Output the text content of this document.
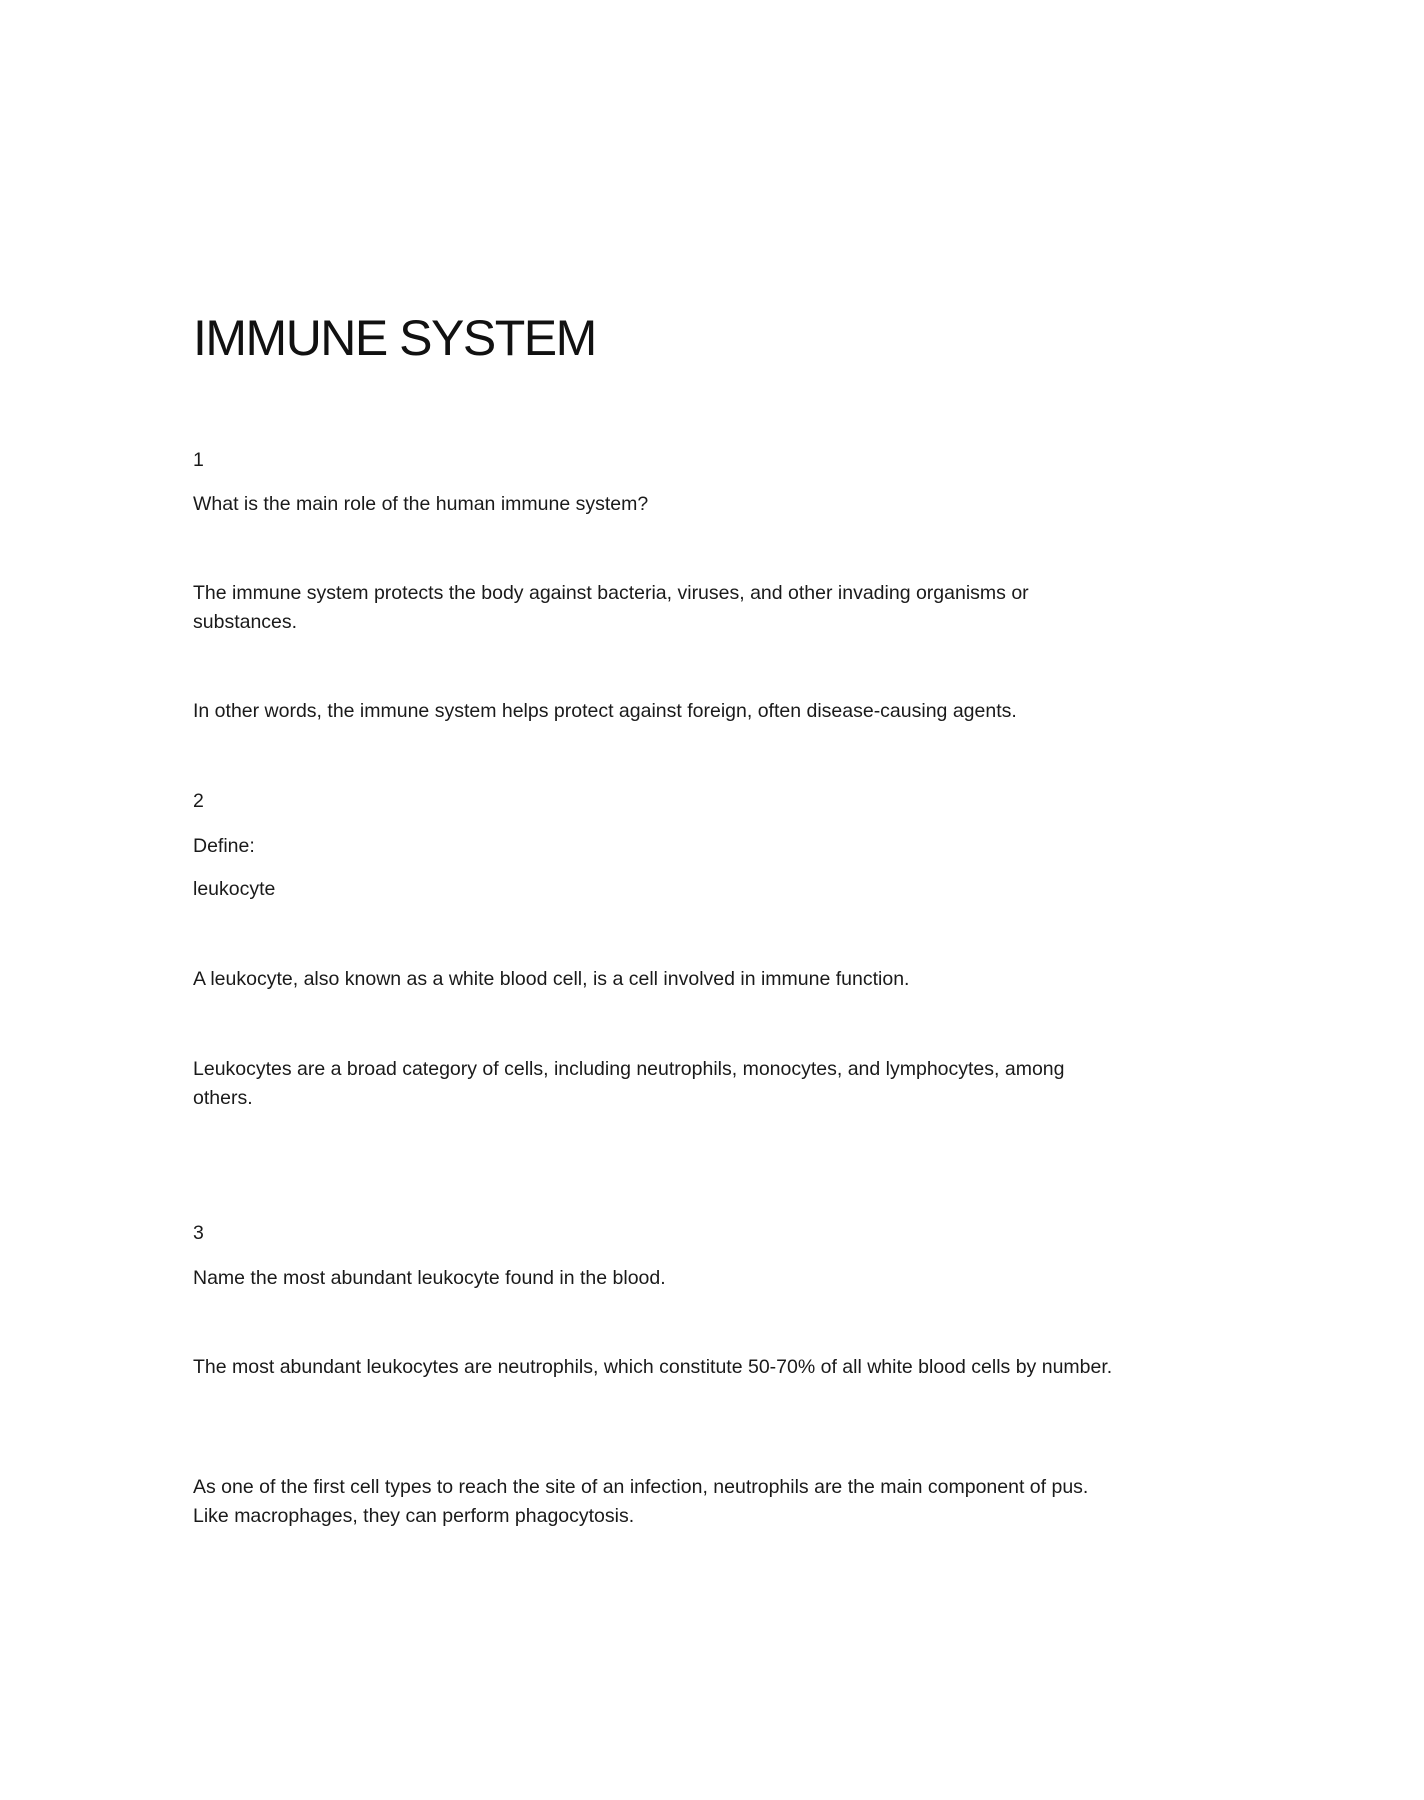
IMMUNE SYSTEM

1

What is the main role of the human immune system?

The immune system protects the body against bacteria, viruses, and other invading organisms or substances.

In other words, the immune system helps protect against foreign, often disease-causing agents.

2

Define:

leukocyte

A leukocyte, also known as a white blood cell, is a cell involved in immune function.

Leukocytes are a broad category of cells, including neutrophils, monocytes, and lymphocytes, among others.

3

Name the most abundant leukocyte found in the blood.

The most abundant leukocytes are neutrophils, which constitute 50-70% of all white blood cells by number.

As one of the first cell types to reach the site of an infection, neutrophils are the main component of pus. Like macrophages, they can perform phagocytosis.
